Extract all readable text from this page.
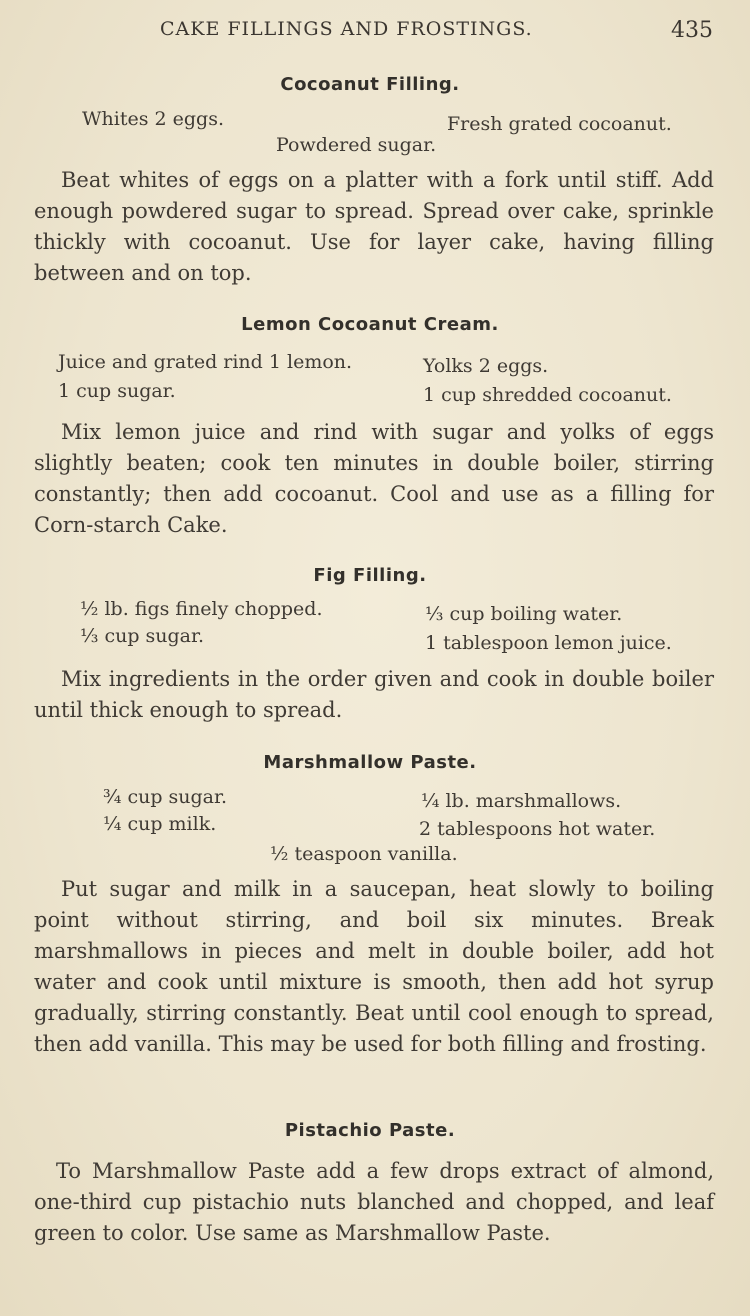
CAKE FILLINGS AND FROSTINGS.	435
Cocoanut Filling.
Whites 2 eggs.	Fresh grated cocoanut.
Powdered sugar.
Beat whites of eggs on a platter with a fork until stiff. Add enough powdered sugar to spread. Spread over cake, sprinkle thickly with cocoanut. Use for layer cake, having filling between and on top.
Lemon Cocoanut Cream.
Juice and grated rind 1 lemon.	Yolks 2 eggs.
1 cup sugar.	1 cup shredded cocoanut.
Mix lemon juice and rind with sugar and yolks of eggs slightly beaten; cook ten minutes in double boiler, stirring constantly; then add cocoanut. Cool and use as a filling for Corn-starch Cake.
Fig Filling.
½ lb. figs finely chopped.	⅓ cup boiling water.
⅓ cup sugar.	1 tablespoon lemon juice.
Mix ingredients in the order given and cook in double boiler until thick enough to spread.
Marshmallow Paste.
¾ cup sugar.	¼ lb. marshmallows.
¼ cup milk.	2 tablespoons hot water.
½ teaspoon vanilla.
Put sugar and milk in a saucepan, heat slowly to boiling point without stirring, and boil six minutes. Break marshmallows in pieces and melt in double boiler, add hot water and cook until mixture is smooth, then add hot syrup gradually, stirring constantly. Beat until cool enough to spread, then add vanilla. This may be used for both filling and frosting.
Pistachio Paste.
To Marshmallow Paste add a few drops extract of almond, one-third cup pistachio nuts blanched and chopped, and leaf green to color. Use same as Marshmallow Paste.
